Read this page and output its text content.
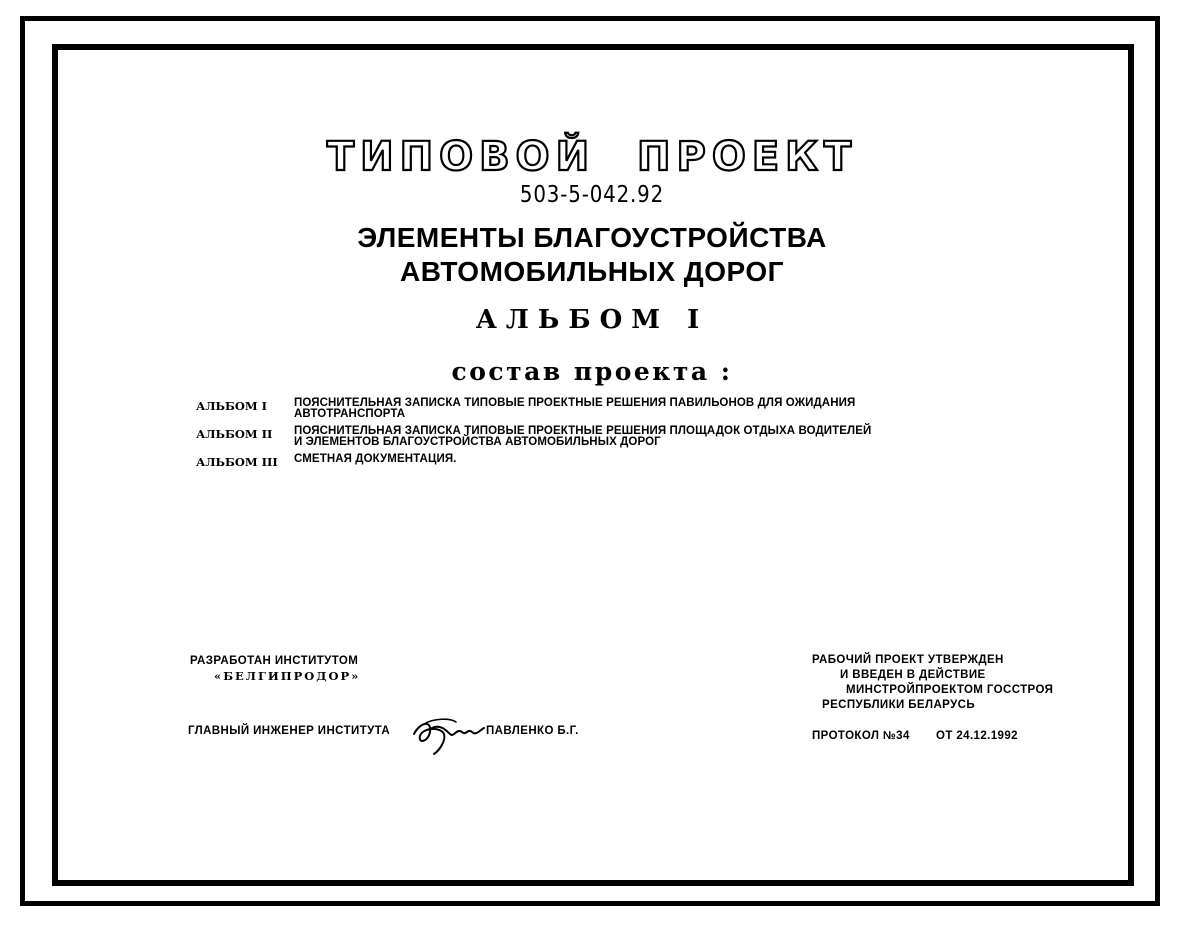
ТИПОВОЙ ПРОЕКТ
503-5-042.92
ЭЛЕМЕНТЫ БЛАГОУСТРОЙСТВА
АВТОМОБИЛЬНЫХ ДОРОГ
АЛЬБОМ I
состав проекта :
АЛЬБОМ I	ПОЯСНИТЕЛЬНАЯ ЗАПИСКА ТИПОВЫЕ ПРОЕКТНЫЕ РЕШЕНИЯ ПАВИЛЬОНОВ ДЛЯ ОЖИДАНИЯ
АВТОТРАНСПОРТА
АЛЬБОМ II	ПОЯСНИТЕЛЬНАЯ ЗАПИСКА ТИПОВЫЕ ПРОЕКТНЫЕ РЕШЕНИЯ ПЛОЩАДОК ОТДЫХА ВОДИТЕЛЕЙ
И ЭЛЕМЕНТОВ БЛАГОУСТРОЙСТВА АВТОМОБИЛЬНЫХ ДОРОГ
АЛЬБОМ III	СМЕТНАЯ ДОКУМЕНТАЦИЯ.
РАЗРАБОТАН ИНСТИТУТОМ
«БЕЛГИПРОДОР»
ГЛАВНЫЙ ИНЖЕНЕР ИНСТИТУТА	ПАВЛЕНКО Б.Г.
РАБОЧИЙ ПРОЕКТ УТВЕРЖДЕН
И ВВЕДЕН В ДЕЙСТВИЕ
МИНСТРОЙПРОЕКТОМ ГОССТРОЯ
РЕСПУБЛИКИ БЕЛАРУСЬ
ПРОТОКОЛ №34 ОТ 24.12.1992
